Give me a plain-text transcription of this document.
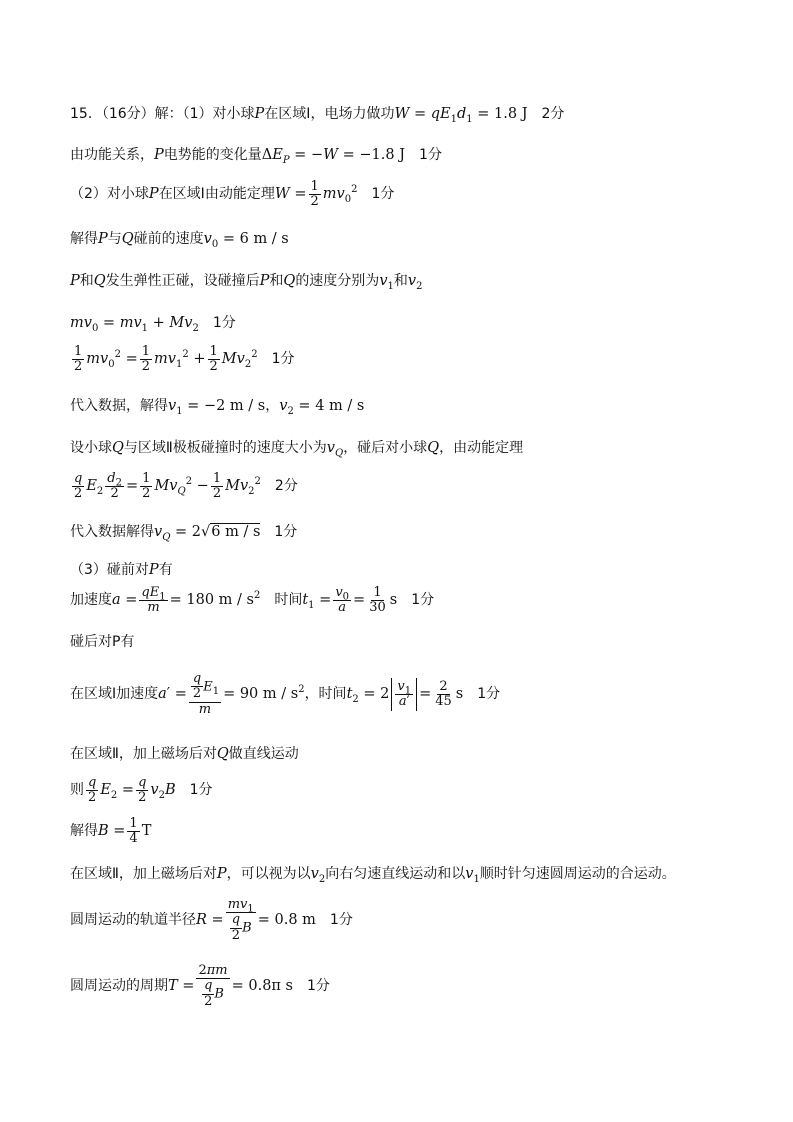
15．（16分）解：（1）对小球 P 在区域Ⅰ，电场力做功 $W = qE_1d_1 = 1.8$ J 2分
由功能关系， P 电势能的变化量 $\Delta E_P = -W = -1.8$ J 1分
（2）对小球 P 在区域Ⅰ由动能定理 $W = \frac{1}{2} mv_0^2$ 1分
解得 P 与 Q 碰前的速度 $v_0 = 6$ m / s
P 和 Q 发生弹性正碰，设碰撞后 P 和 Q 的速度分别为 $v_1$ 和 $v_2$
$mv_0 = mv_1 + Mv_2$ 1分
$\frac{1}{2} mv_0^2 = \frac{1}{2} mv_1^2 + \frac{1}{2} Mv_2^2$ 1分
代入数据，解得 $v_1 = -2$ m / s ， $v_2 = 4$ m / s
设小球 Q 与区域Ⅱ极板碰撞时的速度大小为 $v_Q$ ，碰后对小球 Q ，由动能定理
$\frac{q}{2} E_2 \frac{d_2}{2} = \frac{1}{2} Mv_Q^2 - \frac{1}{2} Mv_2^2$ 2分
代入数据解得 $v_Q = 2√6$ m / s 1分
（3）碰前对 P 有
加速度 $a = \frac{qE_1}{m} = 180$ m / $s^2$ 时间 $t_1 = \frac{v_0}{a} = \frac{1}{30}$ s 1分
碰后对P有
在区域Ⅰ加速度 $a' = \frac{\frac{q}{2} E_1}{m} = 90$ m / $s^2$ ，时间 $t_2 = 2 \frac{v_1}{a'} = \frac{2}{45}$ s 1分
在区域Ⅱ，加上磁场后对 Q 做直线运动
则 $\frac{q}{2} E_2 = \frac{q}{2} v_2B$ 1分
解得 $B = \frac{1}{4}$ T
在区域Ⅱ，加上磁场后对 P ，可以视为以 $v_2$ 向右匀速直线运动和以 $v_1$ 顺时针匀速圆周运动的合运动。
圆周运动的轨道半径 $R = \frac{mv_1}{\frac{q}{2} B} = 0.8$ m 1分
圆周运动的周期 $T = \frac{2\pi m}{\frac{q}{2} B} = 0.8\pi$ s 1分
